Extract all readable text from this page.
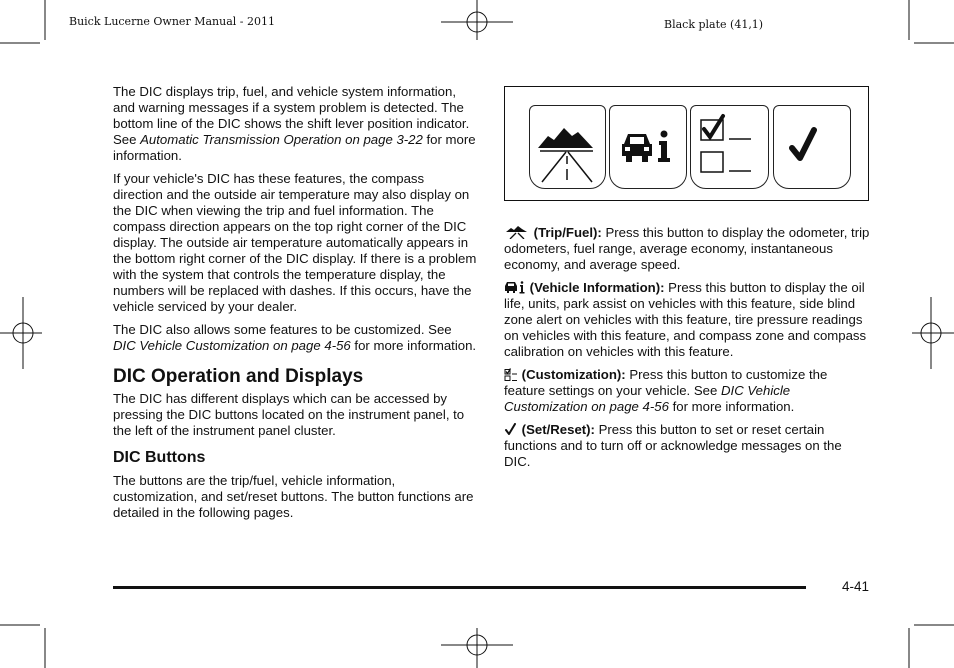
Buick Lucerne Owner Manual - 2011	Black plate (41,1)

The DIC displays trip, fuel, and vehicle system information, and warning messages if a system problem is detected. The bottom line of the DIC shows the shift lever position indicator. See Automatic Transmission Operation on page 3-22 for more information.

If your vehicle's DIC has these features, the compass direction and the outside air temperature may also display on the DIC when viewing the trip and fuel information. The compass direction appears on the top right corner of the DIC display. The outside air temperature automatically appears in the bottom right corner of the DIC display. If there is a problem with the system that controls the temperature display, the numbers will be replaced with dashes. If this occurs, have the vehicle serviced by your dealer.

The DIC also allows some features to be customized. See DIC Vehicle Customization on page 4-56 for more information.

DIC Operation and Displays

The DIC has different displays which can be accessed by pressing the DIC buttons located on the instrument panel, to the left of the instrument panel cluster.

DIC Buttons

The buttons are the trip/fuel, vehicle information, customization, and set/reset buttons. The button functions are detailed in the following pages.

(Trip/Fuel): Press this button to display the odometer, trip odometers, fuel range, average economy, instantaneous economy, and average speed.

(Vehicle Information): Press this button to display the oil life, units, park assist on vehicles with this feature, side blind zone alert on vehicles with this feature, tire pressure readings on vehicles with this feature, and compass zone and compass calibration on vehicles with this feature.

(Customization): Press this button to customize the feature settings on your vehicle. See DIC Vehicle Customization on page 4-56 for more information.

(Set/Reset): Press this button to set or reset certain functions and to turn off or acknowledge messages on the DIC.

4-41
